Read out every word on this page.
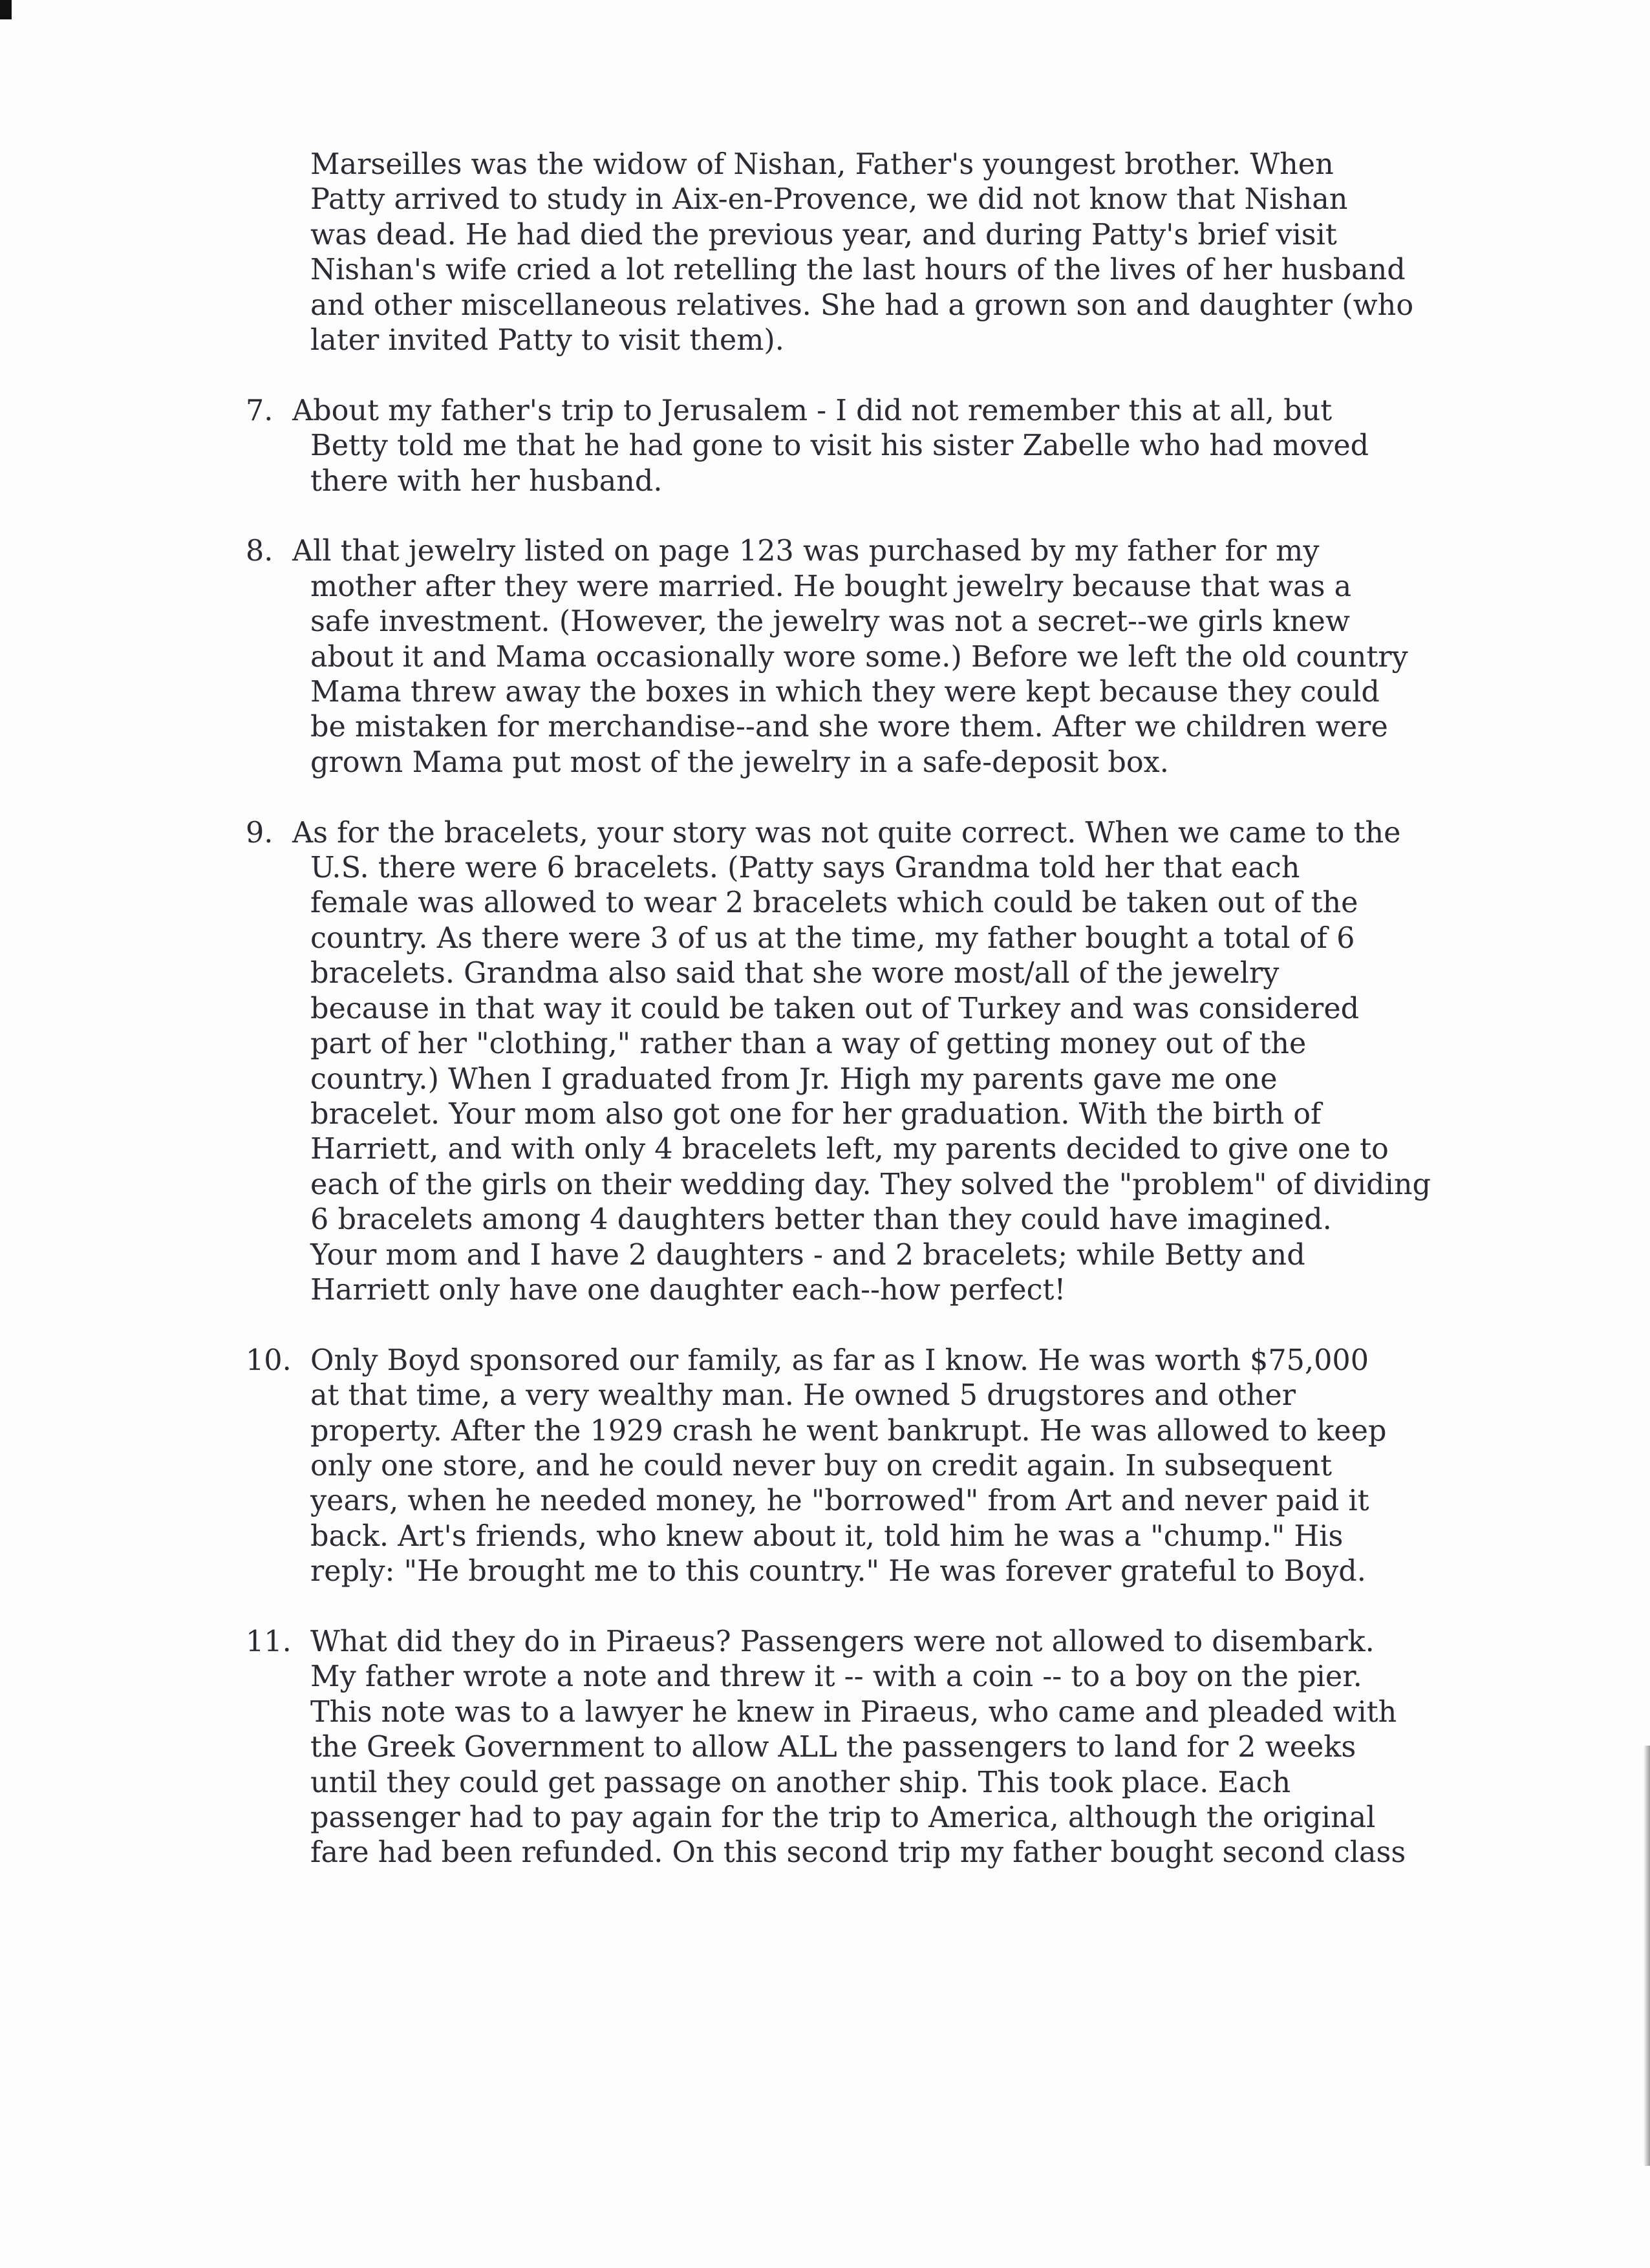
Marseilles was the widow of Nishan, Father's youngest brother. When
Patty arrived to study in Aix-en-Provence, we did not know that Nishan
was dead. He had died the previous year, and during Patty's brief visit
Nishan's wife cried a lot retelling the last hours of the lives of her husband
and other miscellaneous relatives. She had a grown son and daughter (who
later invited Patty to visit them).

7. About my father's trip to Jerusalem - I did not remember this at all, but
Betty told me that he had gone to visit his sister Zabelle who had moved
there with her husband.

8. All that jewelry listed on page 123 was purchased by my father for my
mother after they were married. He bought jewelry because that was a
safe investment. (However, the jewelry was not a secret--we girls knew
about it and Mama occasionally wore some.) Before we left the old country
Mama threw away the boxes in which they were kept because they could
be mistaken for merchandise--and she wore them. After we children were
grown Mama put most of the jewelry in a safe-deposit box.

9. As for the bracelets, your story was not quite correct. When we came to the
U.S. there were 6 bracelets. (Patty says Grandma told her that each
female was allowed to wear 2 bracelets which could be taken out of the
country. As there were 3 of us at the time, my father bought a total of 6
bracelets. Grandma also said that she wore most/all of the jewelry
because in that way it could be taken out of Turkey and was considered
part of her "clothing," rather than a way of getting money out of the
country.) When I graduated from Jr. High my parents gave me one
bracelet. Your mom also got one for her graduation. With the birth of
Harriett, and with only 4 bracelets left, my parents decided to give one to
each of the girls on their wedding day. They solved the "problem" of dividing
6 bracelets among 4 daughters better than they could have imagined.
Your mom and I have 2 daughters - and 2 bracelets; while Betty and
Harriett only have one daughter each--how perfect!

10. Only Boyd sponsored our family, as far as I know. He was worth $75,000
at that time, a very wealthy man. He owned 5 drugstores and other
property. After the 1929 crash he went bankrupt. He was allowed to keep
only one store, and he could never buy on credit again. In subsequent
years, when he needed money, he "borrowed" from Art and never paid it
back. Art's friends, who knew about it, told him he was a "chump." His
reply: "He brought me to this country." He was forever grateful to Boyd.

11. What did they do in Piraeus? Passengers were not allowed to disembark.
My father wrote a note and threw it -- with a coin -- to a boy on the pier.
This note was to a lawyer he knew in Piraeus, who came and pleaded with
the Greek Government to allow ALL the passengers to land for 2 weeks
until they could get passage on another ship. This took place. Each
passenger had to pay again for the trip to America, although the original
fare had been refunded. On this second trip my father bought second class
